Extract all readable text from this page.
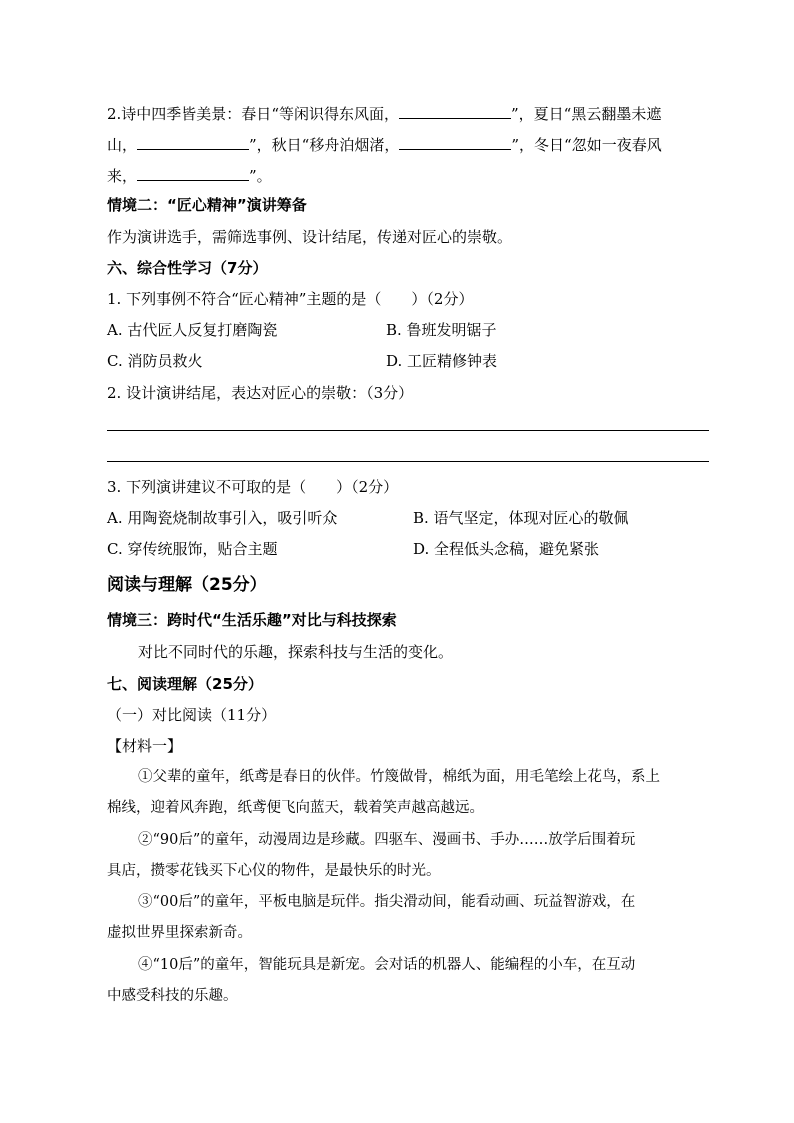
2.诗中四季皆美景：春日“等闲识得东风面，	”，夏日“黑云翻墨未遮
山，	”，秋日“移舟泊烟渚，	”，冬日“忽如一夜春风
来，	”。
情境二：“匠心精神”演讲筹备
作为演讲选手，需筛选事例、设计结尾，传递对匠心的崇敬。
六、综合性学习（7分）
1. 下列事例不符合“匠心精神”主题的是（　　）（2分）
A. 古代匠人反复打磨陶瓷	B. 鲁班发明锯子
C. 消防员救火	D. 工匠精修钟表
2. 设计演讲结尾，表达对匠心的崇敬：（3分）
3. 下列演讲建议不可取的是（　　）（2分）
A. 用陶瓷烧制故事引入，吸引听众	B. 语气坚定，体现对匠心的敬佩
C. 穿传统服饰，贴合主题	D. 全程低头念稿，避免紧张
阅读与理解（25分）
情境三：跨时代“生活乐趣”对比与科技探索
对比不同时代的乐趣，探索科技与生活的变化。
七、阅读理解（25分）
（一）对比阅读（11分）
【材料一】
①父辈的童年，纸鸢是春日的伙伴。竹篾做骨，棉纸为面，用毛笔绘上花鸟，系上
棉线，迎着风奔跑，纸鸢便飞向蓝天，载着笑声越高越远。
②“90后”的童年，动漫周边是珍藏。四驱车、漫画书、手办……放学后围着玩
具店，攒零花钱买下心仪的物件，是最快乐的时光。
③“00后”的童年，平板电脑是玩伴。指尖滑动间，能看动画、玩益智游戏，在
虚拟世界里探索新奇。
④“10后”的童年，智能玩具是新宠。会对话的机器人、能编程的小车，在互动
中感受科技的乐趣。
